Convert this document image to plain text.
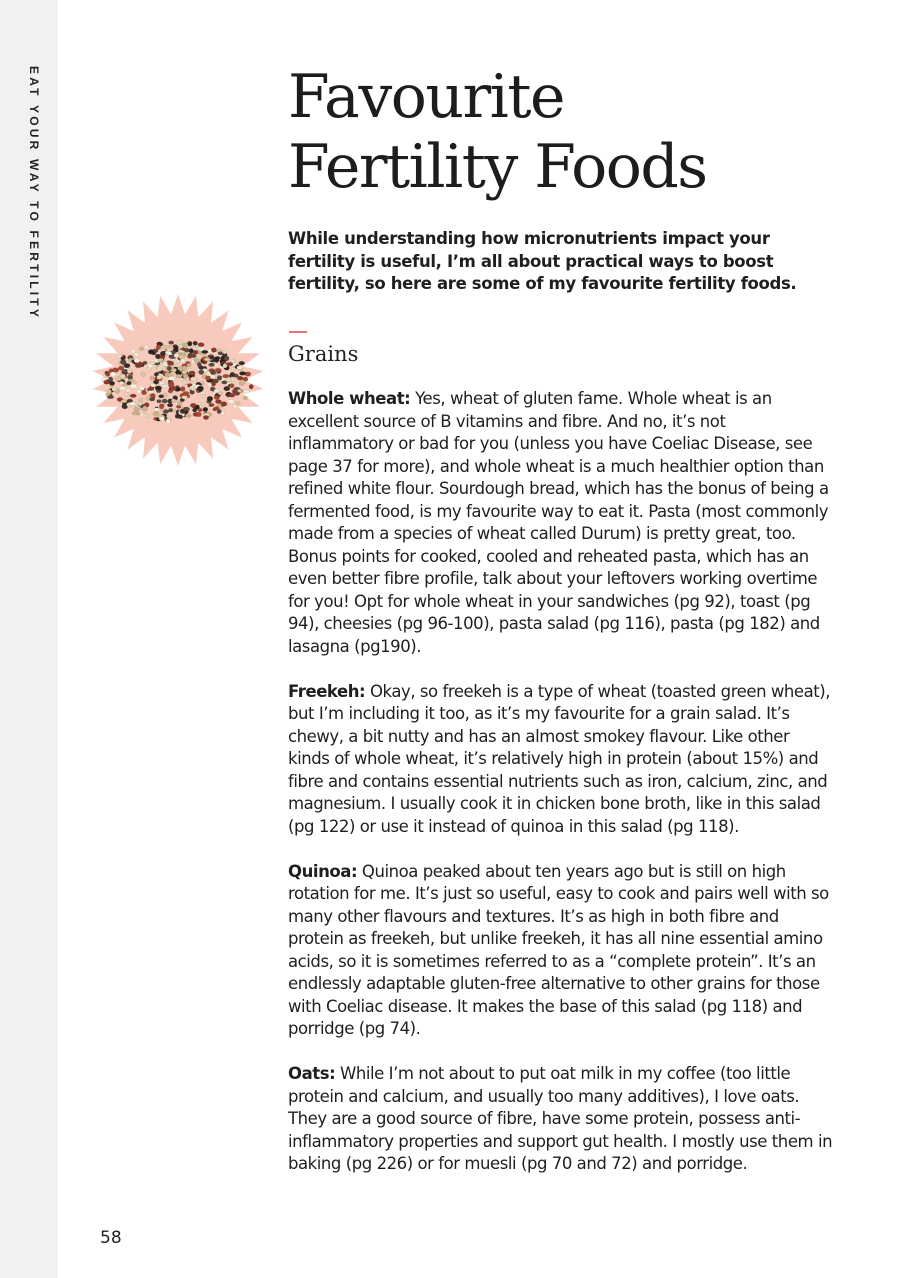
EAT YOUR WAY TO FERTILITY
58
Favourite
Fertility Foods

While understanding how micronutrients impact your fertility is useful, I’m all about practical ways to boost fertility, so here are some of my favourite fertility foods.

Grains

Whole wheat: Yes, wheat of gluten fame. Whole wheat is an excellent source of B vitamins and fibre. And no, it’s not inflammatory or bad for you (unless you have Coeliac Disease, see page 37 for more), and whole wheat is a much healthier option than refined white flour. Sourdough bread, which has the bonus of being a fermented food, is my favourite way to eat it. Pasta (most commonly made from a species of wheat called Durum) is pretty great, too. Bonus points for cooked, cooled and reheated pasta, which has an even better fibre profile, talk about your leftovers working overtime for you! Opt for whole wheat in your sandwiches (pg 92), toast (pg 94), cheesies (pg 96-100), pasta salad (pg 116), pasta (pg 182) and lasagna (pg190).

Freekeh: Okay, so freekeh is a type of wheat (toasted green wheat), but I’m including it too, as it’s my favourite for a grain salad. It’s chewy, a bit nutty and has an almost smokey flavour. Like other kinds of whole wheat, it’s relatively high in protein (about 15%) and fibre and contains essential nutrients such as iron, calcium, zinc, and magnesium. I usually cook it in chicken bone broth, like in this salad (pg 122) or use it instead of quinoa in this salad (pg 118).

Quinoa: Quinoa peaked about ten years ago but is still on high rotation for me. It’s just so useful, easy to cook and pairs well with so many other flavours and textures. It’s as high in both fibre and protein as freekeh, but unlike freekeh, it has all nine essential amino acids, so it is sometimes referred to as a “complete protein”. It’s an endlessly adaptable gluten-free alternative to other grains for those with Coeliac disease. It makes the base of this salad (pg 118) and porridge (pg 74).

Oats: While I’m not about to put oat milk in my coffee (too little protein and calcium, and usually too many additives), I love oats. They are a good source of fibre, have some protein, possess anti-inflammatory properties and support gut health. I mostly use them in baking (pg 226) or for muesli (pg 70 and 72) and porridge.
